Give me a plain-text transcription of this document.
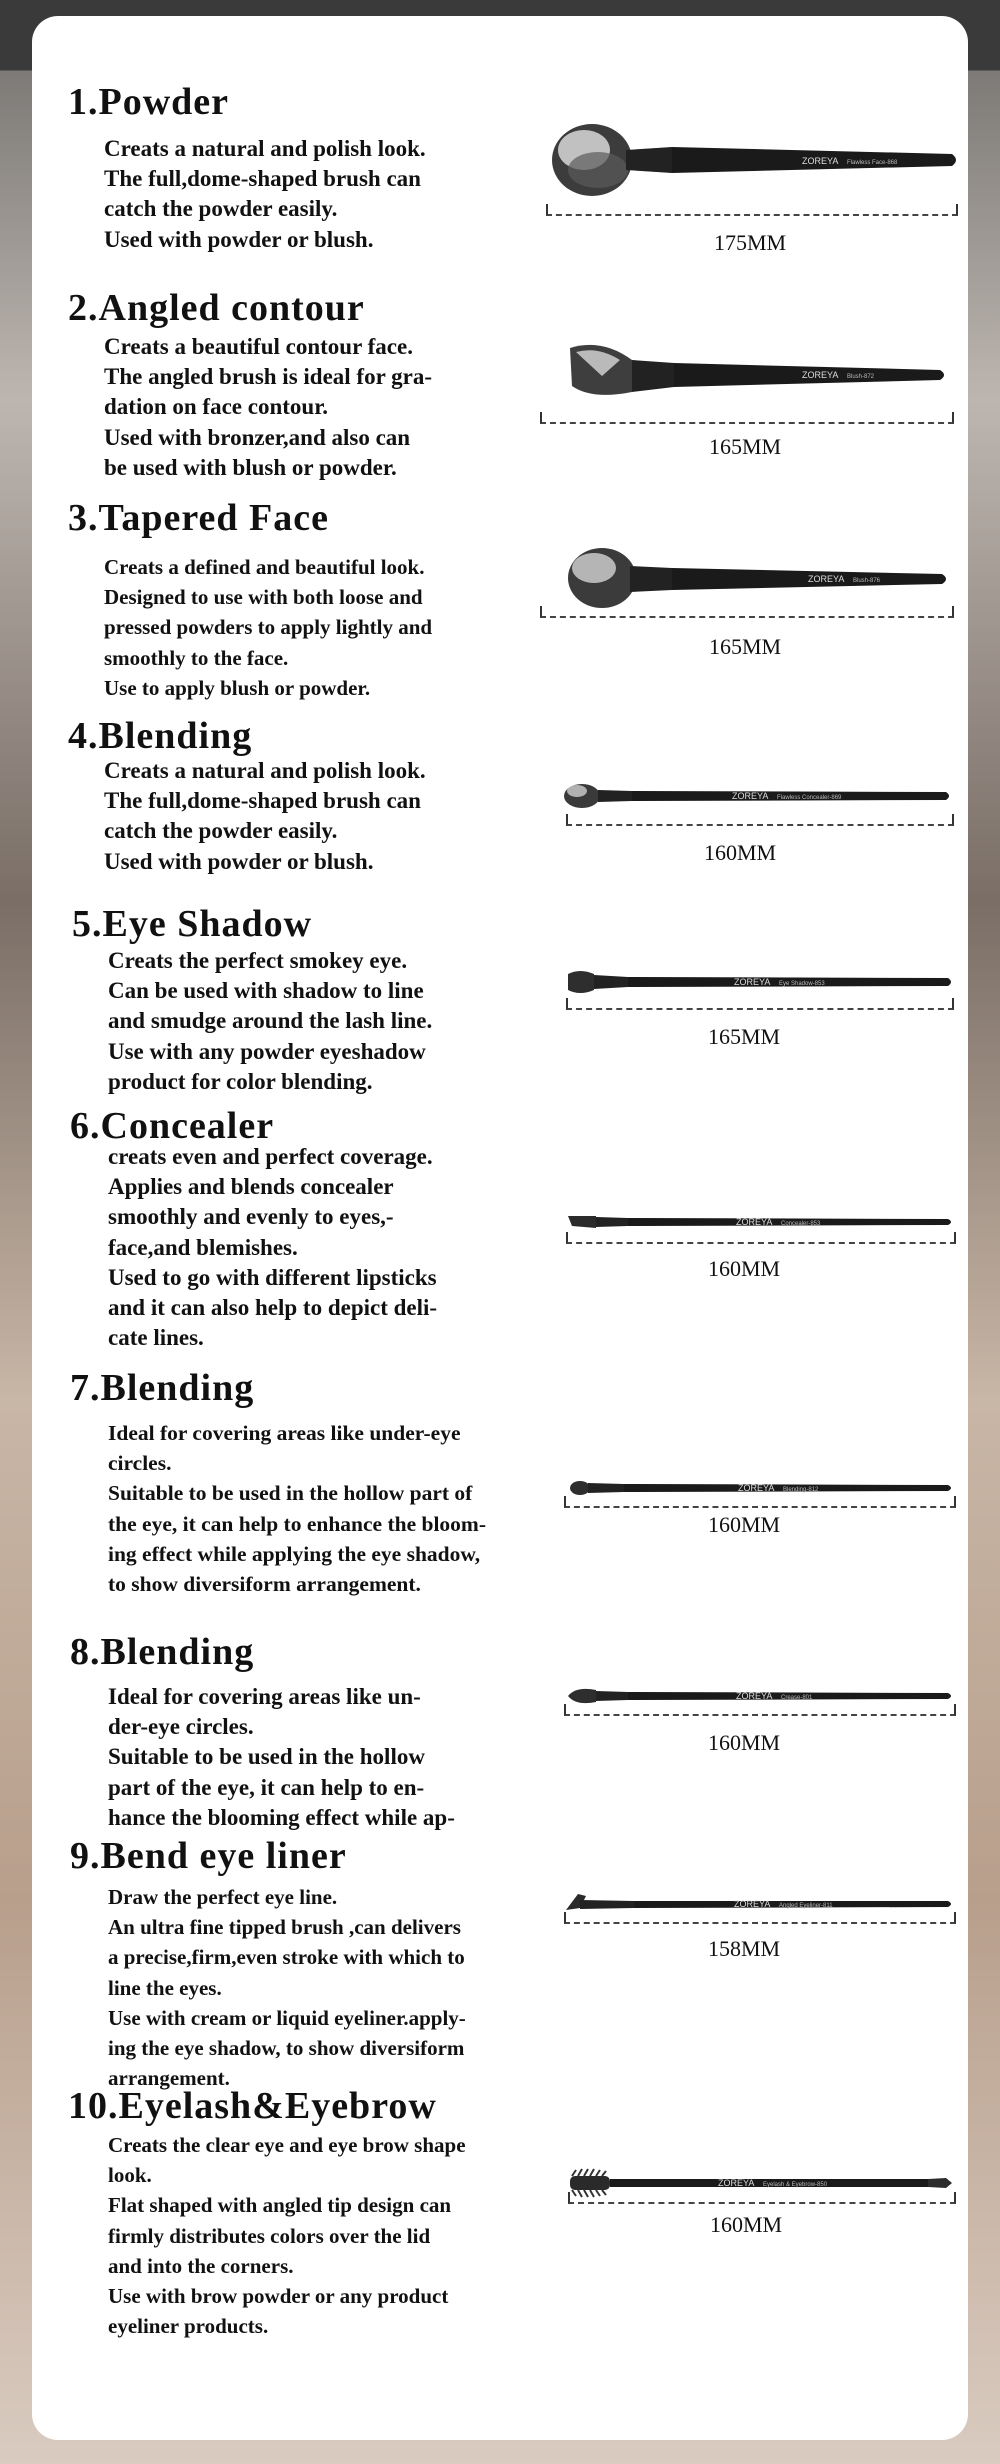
1.Powder
Creats a natural and polish look.
The full,dome-shaped brush can
catch the powder easily.
Used with powder or blush.
ZOREYA Flawless Face-868
175MM
2.Angled contour
Creats a beautiful contour face.
The angled brush is ideal for gra-
dation on face contour.
Used with bronzer,and also can
be used with blush or powder.
ZOREYA Blush-872
165MM
3.Tapered Face
Creats a defined and beautiful look.
Designed to use with both loose and
pressed powders to apply lightly and
smoothly to the face.
Use to apply blush or powder.
ZOREYA Blush-876
165MM
4.Blending
Creats a natural and polish look.
The full,dome-shaped brush can
catch the powder easily.
Used with powder or blush.
ZOREYA Flawless Concealer-869
160MM
5.Eye Shadow
Creats the perfect smokey eye.
Can be used with shadow to line
and smudge around the lash line.
Use with any powder eyeshadow
product for color blending.
ZOREYA Eye Shadow-853
165MM
6.Concealer
creats even and perfect coverage.
Applies and blends concealer
smoothly and evenly to eyes,-
face,and blemishes.
Used to go with different lipsticks
and it can also help to depict deli-
cate lines.
ZOREYA Concealer-853
160MM
7.Blending
Ideal for covering areas like under-eye
circles.
Suitable to be used in the hollow part of
the eye, it can help to enhance the bloom-
ing effect while applying the eye shadow,
to show diversiform arrangement.
ZOREYA Blending-812
160MM
8.Blending
Ideal for covering areas like un-
der-eye circles.
Suitable to be used in the hollow
part of the eye, it can help to en-
hance the blooming effect while ap-
ZOREYA Crease-801
160MM
9.Bend eye liner
Draw the perfect eye line.
An ultra fine tipped brush ,can delivers
a precise,firm,even stroke with which to
line the eyes.
Use with cream or liquid eyeliner.apply-
ing the eye shadow, to show diversiform
arrangement.
ZOREYA Angled Eyeliner-811
158MM
10.Eyelash&Eyebrow
Creats the clear eye and eye brow shape
look.
Flat shaped with angled tip design can
firmly distributes colors over the lid
and into the corners.
Use with brow powder or any product
eyeliner products.
ZOREYA Eyelash & Eyebrow-850
160MM
